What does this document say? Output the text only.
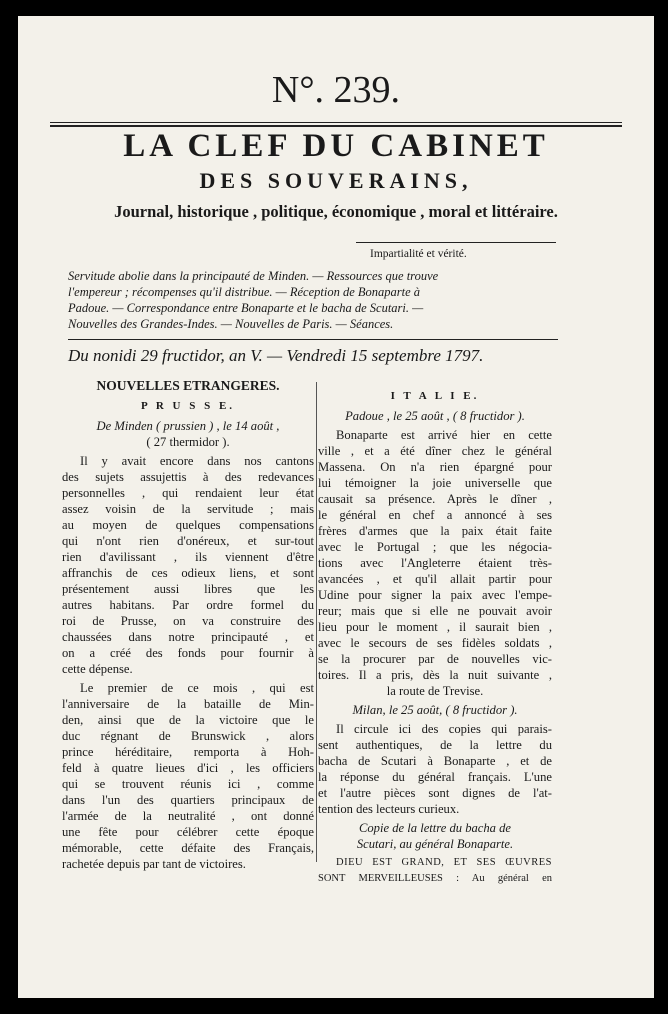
N°. 239.
LA CLEF DU CABINET
DES SOUVERAINS,
Journal, historique , politique, économique , moral et littéraire.
Impartialité et vérité.
Servitude abolie dans la principauté de Minden. — Ressources que trouve
l'empereur ; récompenses qu'il distribue. — Réception de Bonaparte à
Padoue. — Correspondance entre Bonaparte et le bacha de Scutari. —
Nouvelles des Grandes-Indes. — Nouvelles de Paris. — Séances.
Du nonidi 29 fructidor, an V. — Vendredi 15 septembre 1797.
NOUVELLES ETRANGERES.
P R U S S E.
De Minden ( prussien ) , le 14 août ,
( 27 thermidor ).
Il y avait encore dans nos cantons
des sujets assujettis à des redevances
personnelles , qui rendaient leur état
assez voisin de la servitude ; mais
au moyen de quelques compensations
qui n'ont rien d'onéreux, et sur-tout
rien d'avilissant , ils viennent d'être
affranchis de ces odieux liens, et sont
présentement aussi libres que les
autres habitans. Par ordre formel du
roi de Prusse, on va construire des
chaussées dans notre principauté , et
on a créé des fonds pour fournir à
cette dépense.
Le premier de ce mois , qui est
l'anniversaire de la bataille de Min-
den, ainsi que de la victoire que le
duc régnant de Brunswick , alors
prince héréditaire, remporta à Hoh-
feld à quatre lieues d'ici , les officiers
qui se trouvent réunis ici , comme
dans l'un des quartiers principaux de
l'armée de la neutralité , ont donné
une fête pour célébrer cette époque
mémorable, cette défaite des Français,
rachetée depuis par tant de victoires.
I T A L I E.
Padoue , le 25 août , ( 8 fructidor ).
Bonaparte est arrivé hier en cette
ville , et a été dîner chez le général
Massena. On n'a rien épargné pour
lui témoigner la joie universelle que
causait sa présence. Après le dîner ,
le général en chef a annoncé à ses
frères d'armes que la paix était faite
avec le Portugal ; que les négocia-
tions avec l'Angleterre étaient très-
avancées , et qu'il allait partir pour
Udine pour signer la paix avec l'empe-
reur; mais que si elle ne pouvait avoir
lieu pour le moment , il saurait bien ,
avec le secours de ses fidèles soldats ,
se la procurer par de nouvelles vic-
toires. Il a pris, dès la nuit suivante ,
la route de Trevise.
Milan, le 25 août, ( 8 fructidor ).
Il circule ici des copies qui parais-
sent authentiques, de la lettre du
bacha de Scutari à Bonaparte , et de
la réponse du général français. L'une
et l'autre pièces sont dignes de l'at-
tention des lecteurs curieux.
Copie de la lettre du bacha de
Scutari, au général Bonaparte.
DIEU EST GRAND, ET SES ŒUVRES
SONT MERVEILLEUSES : Au général en
